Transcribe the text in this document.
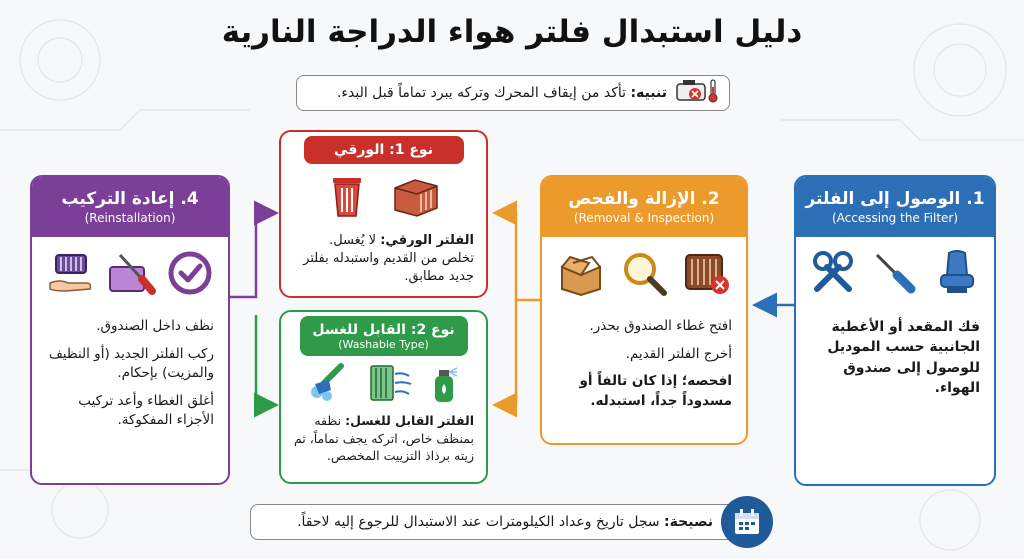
دليل استبدال فلتر هواء الدراجة النارية
تنبيه: تأكد من إيقاف المحرك وتركه يبرد تماماً قبل البدء.
1. الوصول إلى الفلتر
(Accessing the Filter)
فك المقعد أو الأغطية الجانبية حسب الموديل للوصول إلى صندوق الهواء.
2. الإزالة والفحص
(Removal & Inspection)

افتح غطاء الصندوق بحذر.

أخرج الفلتر القديم.

افحصه؛ إذا كان تالفاً أو مسدوداً جداً، استبدله.

4. إعادة التركيب
(Reinstallation)

نظف داخل الصندوق.

ركب الفلتر الجديد (أو النظيف والمزيت) بإحكام.

أغلق الغطاء وأعد تركيب الأجزاء المفكوكة.

نوع 1: الورقي
الفلتر الورقي: لا يُغسل. تخلص من القديم واستبدله بفلتر جديد مطابق.
نوع 2: القابل للغسل
(Washable Type)
الفلتر القابل للغسل: نظفه بمنظف خاص، اتركه يجف تماماً، ثم زيته برذاذ التزييت المخصص.
نصيحة: سجل تاريخ وعداد الكيلومترات عند الاستبدال للرجوع إليه لاحقاً.
